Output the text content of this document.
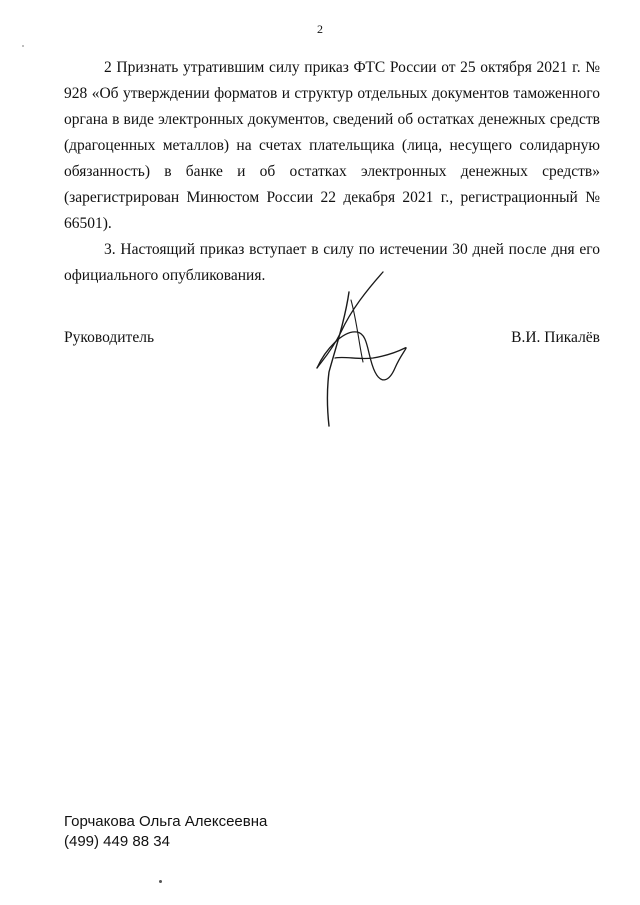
2

2 Признать утратившим силу приказ ФТС России от 25 октября 2021 г. № 928 «Об утверждении форматов и структур отдельных документов таможенного органа в виде электронных документов, сведений об остатках денежных средств (драгоценных металлов) на счетах плательщика (лица, несущего солидарную обязанность) в банке и об остатках электронных денежных средств» (зарегистрирован Минюстом России 22 декабря 2021 г., регистрационный № 66501).

3. Настоящий приказ вступает в силу по истечении 30 дней после дня его официального опубликования.

Руководитель	В.И. Пикалёв
Горчакова Ольга Алексеевна
(499) 449 88 34
